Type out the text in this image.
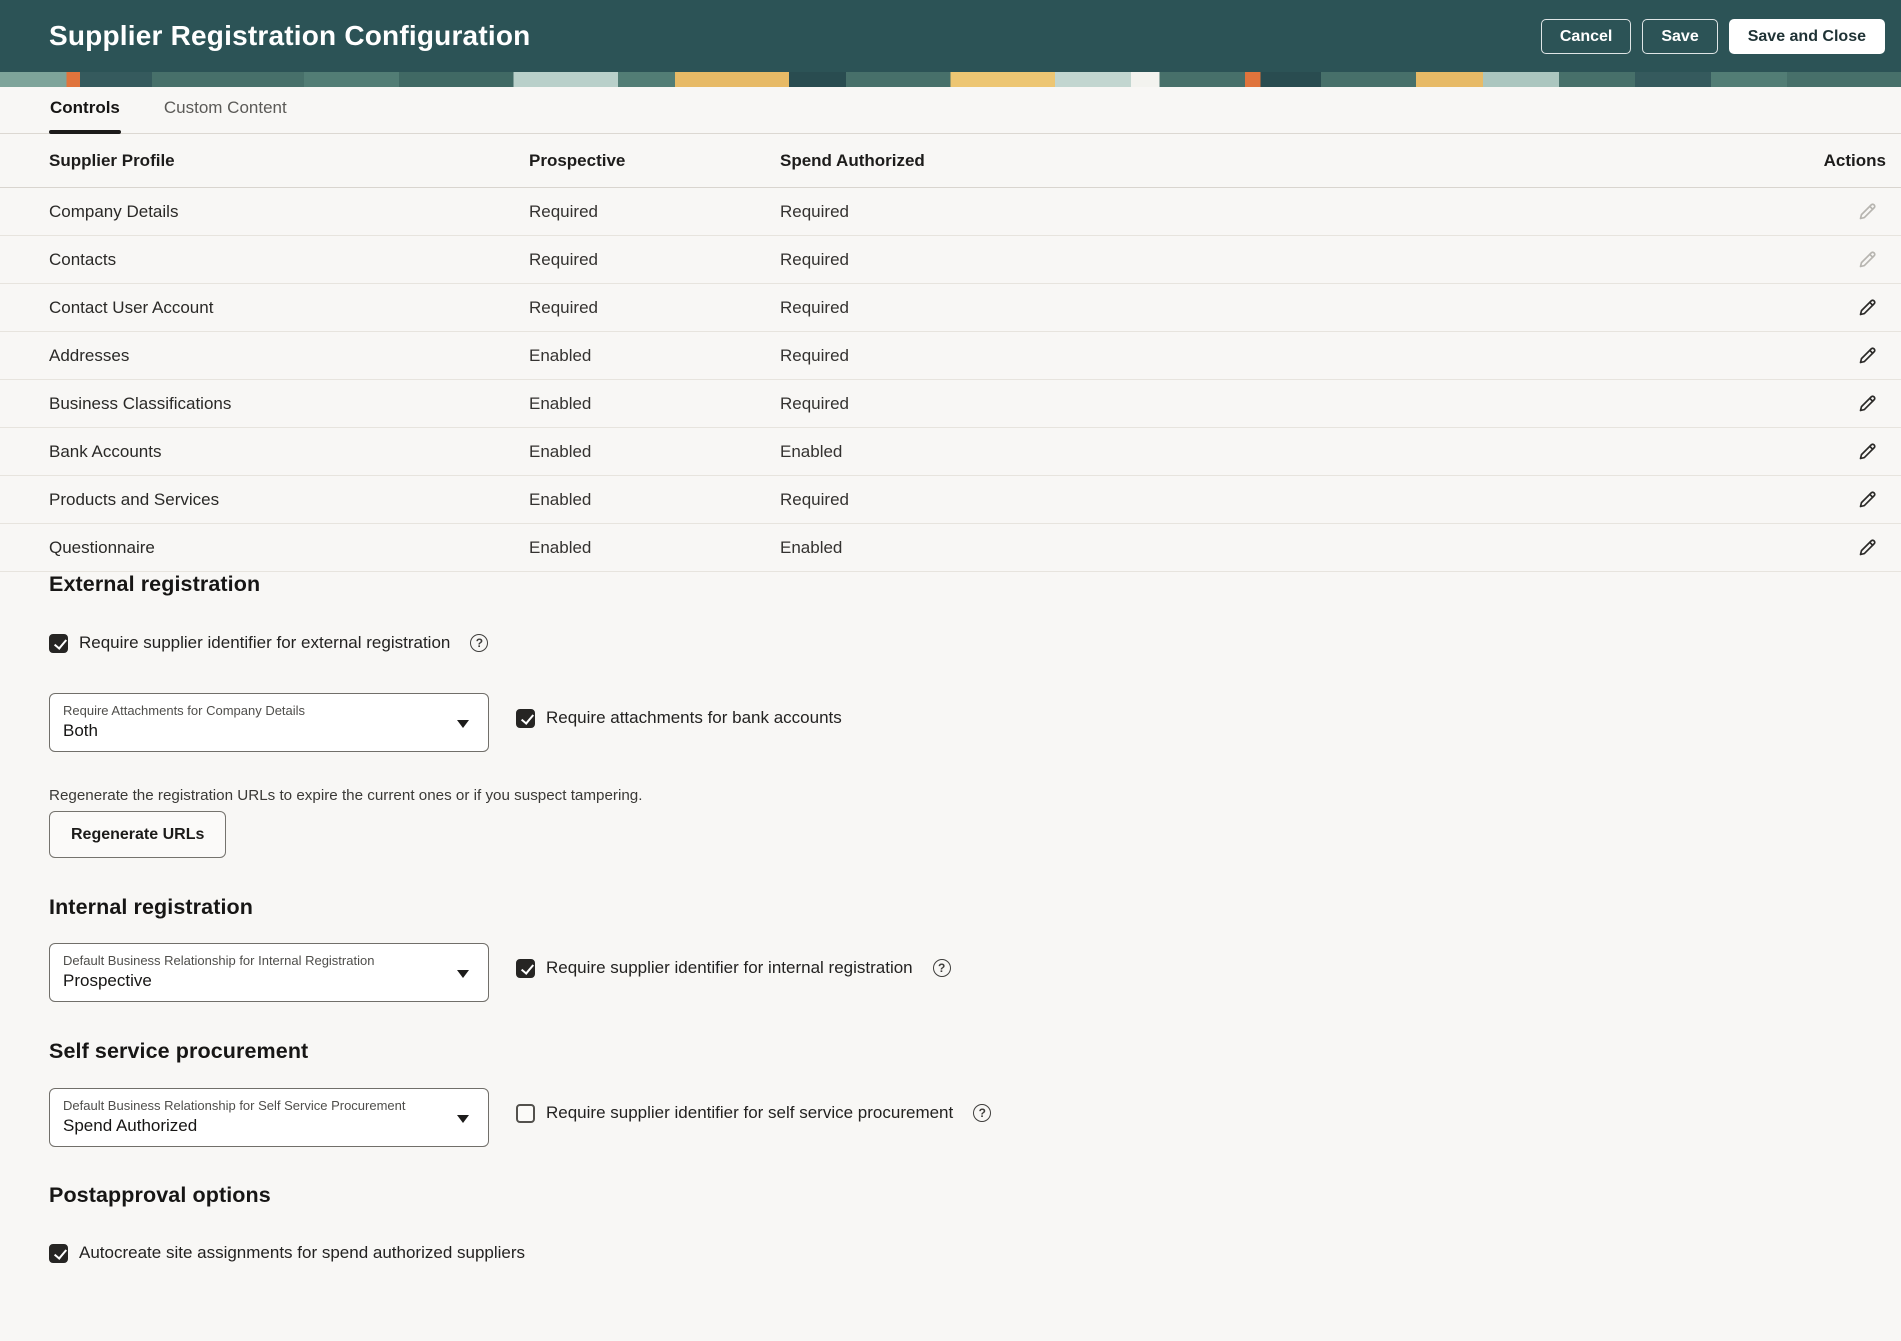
Supplier Registration Configuration	Cancel	Save	Save and Close
Controls	Custom Content
Supplier Profile	Prospective	Spend Authorized	Actions
Company Details	Required	Required
Contacts	Required	Required
Contact User Account	Required	Required
Addresses	Enabled	Required
Business Classifications	Enabled	Required
Bank Accounts	Enabled	Enabled
Products and Services	Enabled	Required
Questionnaire	Enabled	Enabled
External registration
Require supplier identifier for external registration	?
Require Attachments for Company Details
Both
Require attachments for bank accounts

Regenerate the registration URLs to expire the current ones or if you suspect tampering.

Regenerate URLs
Internal registration
Default Business Relationship for Internal Registration
Prospective
Require supplier identifier for internal registration	?
Self service procurement
Default Business Relationship for Self Service Procurement
Spend Authorized
Require supplier identifier for self service procurement	?
Postapproval options
Autocreate site assignments for spend authorized suppliers
